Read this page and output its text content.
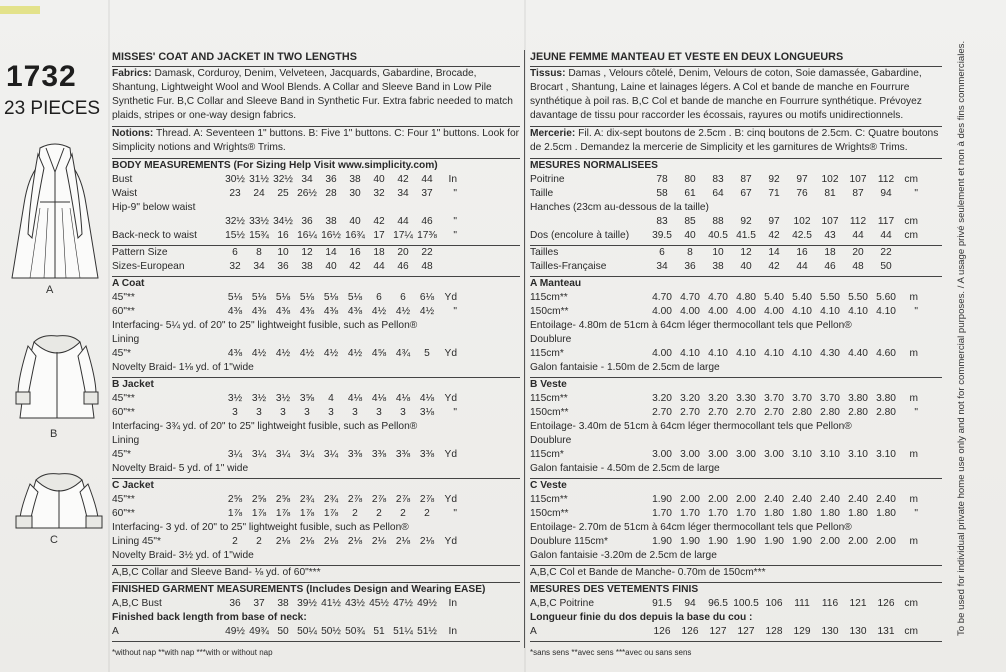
1732
23 PIECES
A
B
C
MISSES' COAT AND JACKET IN TWO LENGTHS
Fabrics: Damask, Corduroy, Denim, Velveteen, Jacquards, Gabardine, Brocade, Shantung, Lightweight Wool and Wool Blends. A Collar and Sleeve Band in Low Pile Synthetic Fur. B,C Collar and Sleeve Band in Synthetic Fur. Extra fabric needed to match plaids, stripes or one-way design fabrics.
Notions: Thread. A: Seventeen 1" buttons. B: Five 1" buttons. C: Four 1" buttons. Look for Simplicity notions and Wrights® Trims.
BODY MEASUREMENTS (For Sizing Help Visit www.simplicity.com)
Bust	30½ 31½ 32½ 34	36	38	40	42	44	In
Waist	23	24	25 26½ 28	30	32	34	37	"
Hip-9" below waist
32½ 33½ 34½ 36	38	40	42	44	46	"
Back-neck to waist	15½ 15¾ 16 16¼ 16½ 16¾ 17 17¼ 17⅜	"
Pattern Size	6	8	10	12	14	16	18	20	22
Sizes-European	32	34	36	38	40	42	44	46	48
A Coat
45"**	5⅛ 5⅛ 5⅛ 5⅛ 5⅛ 5⅛	6	6	6⅛	Yd
60"**	4⅜ 4⅜ 4⅜ 4⅜ 4⅜ 4⅜ 4½ 4½ 4½	"
Interfacing- 5¼ yd. of 20" to 25" lightweight fusible, such as Pellon®
Lining
45"*	4⅜ 4½ 4½ 4½ 4½ 4½ 4⅝ 4¾	5	Yd
Novelty Braid- 1⅛ yd. of 1"wide
B Jacket
45"**	3½ 3½ 3½ 3⅝	4	4⅛ 4⅛ 4⅛ 4⅛	Yd
60"**	3	3	3	3	3	3	3	3	3⅛	"
Interfacing- 3¾ yd. of 20" to 25" lightweight fusible, such as Pellon®
Lining
45"*	3¼ 3¼ 3¼ 3¼ 3¼ 3⅜ 3⅜ 3⅜ 3⅜	Yd
Novelty Braid- 5 yd. of 1" wide
C Jacket
45"**	2⅝ 2⅝ 2⅝ 2¾ 2¾ 2⅞ 2⅞ 2⅞ 2⅞	Yd
60"**	1⅞ 1⅞ 1⅞ 1⅞ 1⅞	2	2	2	2	"
Interfacing- 3 yd. of 20" to 25" lightweight fusible, such as Pellon®
Lining 45"*	2	2	2⅛ 2⅛ 2⅛ 2⅛ 2⅛ 2⅛ 2⅛	Yd
Novelty Braid- 3½ yd. of 1"wide
A,B,C Collar and Sleeve Band- ⅛ yd. of 60"***
FINISHED GARMENT MEASUREMENTS (Includes Design and Wearing EASE)
A,B,C Bust	36	37	38 39½ 41½ 43½ 45½ 47½ 49½	In
Finished back length from base of neck:
A	49½ 49¾ 50 50¼ 50½ 50¾ 51 51¼ 51½	In
*without nap **with nap ***with or without nap
JEUNE FEMME MANTEAU ET VESTE EN DEUX LONGUEURS
Tissus: Damas , Velours côtelé, Denim, Velours de coton, Soie damassée, Gabardine, Brocart , Shantung, Laine et lainages légers. A Col et bande de manche en Fourrure synthétique à poil ras. B,C Col et bande de manche en Fourrure synthétique. Prévoyez davantage de tissu pour raccorder les écossais, rayures ou motifs unidirectionnels.
Mercerie: Fil. A: dix-sept boutons de 2.5cm . B: cinq boutons de 2.5cm. C: Quatre boutons de 2.5cm . Demandez la mercerie de Simplicity et les garnitures de Wrights® Trims.
MESURES NORMALISEES
Poitrine	78	80	83	87	92	97	102	107	112	cm
Taille	58	61	64	67	71	76	81	87	94	"
Hanches (23cm au-dessous de la taille)
83	85	88	92	97	102	107	112	117	cm
Dos (encolure à taille)	39.5	40	40.5 41.5	42	42.5	43	44	44	cm
Tailles	6	8	10	12	14	16	18	20	22
Tailles-Française	34	36	38	40	42	44	46	48	50
A Manteau
115cm**	4.70 4.70 4.70 4.80 5.40 5.40 5.50 5.50 5.60	m
150cm**	4.00 4.00 4.00 4.00 4.00 4.10 4.10 4.10 4.10	"
Entoilage- 4.80m de 51cm à 64cm léger thermocollant tels que Pellon®
Doublure
115cm*	4.00 4.10 4.10 4.10 4.10 4.10 4.30 4.40 4.60	m
Galon fantaisie - 1.50m de 2.5cm de large
B Veste
115cm**	3.20 3.20 3.20 3.30 3.70 3.70 3.70 3.80 3.80	m
150cm**	2.70 2.70 2.70 2.70 2.70 2.80 2.80 2.80 2.80	"
Entoilage- 3.40m de 51cm à 64cm léger thermocollant tels que Pellon®
Doublure
115cm*	3.00 3.00 3.00 3.00 3.00 3.10 3.10 3.10 3.10	m
Galon fantaisie - 4.50m de 2.5cm de large
C Veste
115cm**	1.90 2.00 2.00 2.00 2.40 2.40 2.40 2.40 2.40	m
150cm**	1.70 1.70 1.70 1.70 1.80 1.80 1.80 1.80 1.80	"
Entoilage- 2.70m de 51cm à 64cm léger thermocollant tels que Pellon®
Doublure 115cm*	1.90 1.90 1.90 1.90 1.90 1.90 2.00 2.00 2.00	m
Galon fantaisie -3.20m de 2.5cm de large
A,B,C Col et Bande de Manche- 0.70m de 150cm***
MESURES DES VETEMENTS FINIS
A,B,C Poitrine	91.5	94	96.5 100.5 106	111	116	121	126 cm
Longueur finie du dos depuis la base du cou :
A	126	126	127	127	128	129	130	130	131 cm
*sans sens **avec sens ***avec ou sans sens
To be used for individual private home use only and not for commercial purposes. / A usage privé seulement et non à des fins commerciales.
